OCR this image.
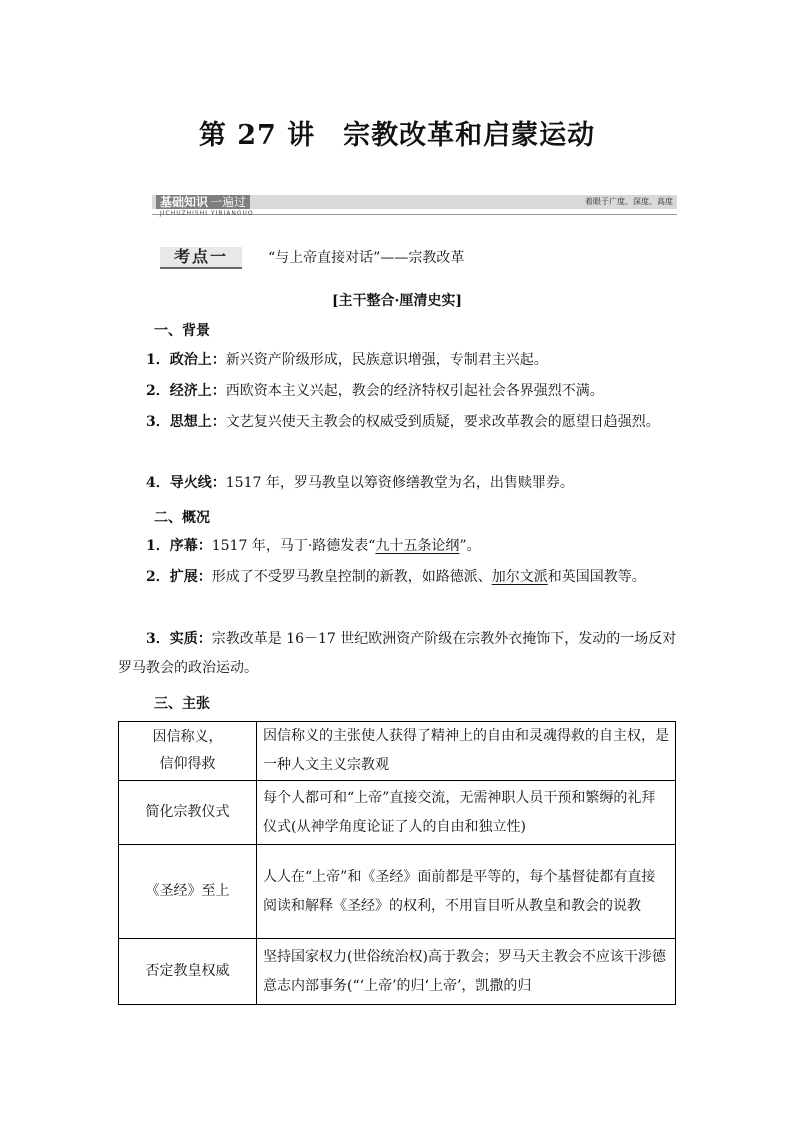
第 27 讲　宗教改革和启蒙运动
基础知识 一遍过	着眼于广度、深度、高度
JICHUZHISHI YIBIANGUO
考点一	“与上帝直接对话”——宗教改革
[主干整合·厘清史实]
一、背景
1．政治上：新兴资产阶级形成，民族意识增强，专制君主兴起。
2．经济上：西欧资本主义兴起，教会的经济特权引起社会各界强烈不满。
3．思想上：文艺复兴使天主教会的权威受到质疑，要求改革教会的愿望日趋强烈。
4．导火线：1517 年，罗马教皇以筹资修缮教堂为名，出售赎罪券。
二、概况
1．序幕：1517 年，马丁·路德发表“九十五条论纲”。
2．扩展：形成了不受罗马教皇控制的新教，如路德派、加尔文派和英国国教等。
3．实质：宗教改革是 16－17 世纪欧洲资产阶级在宗教外衣掩饰下，发动的一场反对罗马教会的政治运动。
三、主张
因信称义，
信仰得救	因信称义的主张使人获得了精神上的自由和灵魂得救的自主权，是一种人文主义宗教观
简化宗教仪式	每个人都可和“上帝”直接交流，无需神职人员干预和繁缛的礼拜仪式(从神学角度论证了人的自由和独立性)
《圣经》至上	人人在“上帝”和《圣经》面前都是平等的，每个基督徒都有直接阅读和解释《圣经》的权利，不用盲目听从教皇和教会的说教
否定教皇权威	坚持国家权力(世俗统治权)高于教会；罗马天主教会不应该干涉德意志内部事务(“‘上帝’的归‘上帝’，凯撒的归
